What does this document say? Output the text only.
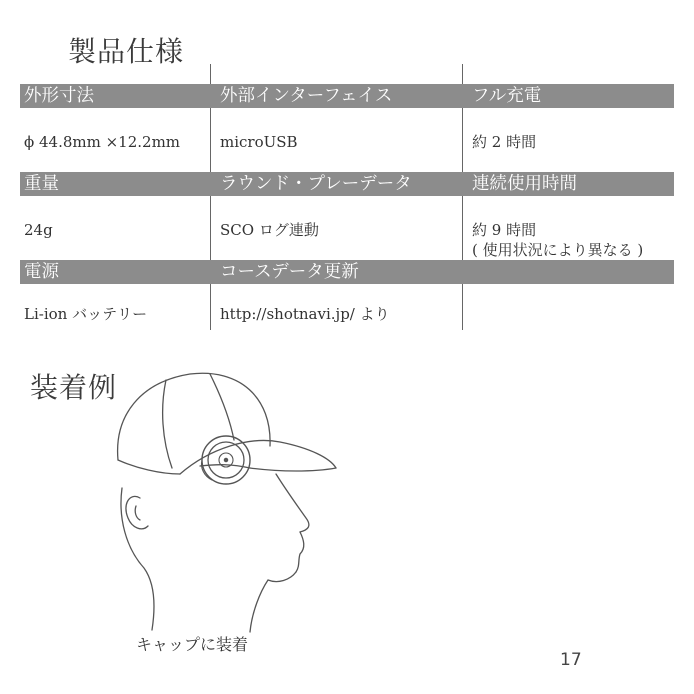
製品仕様
外形寸法	外部インターフェイス	フル充電
ϕ 44.8mm ×12.2mm	microUSB	約 2 時間
重量	ラウンド・プレーデータ	連続使用時間
24g	SCO ログ連動	約 9 時間
( 使用状況により異なる )
電源	コースデータ更新
Li-ion バッテリー	http://shotnavi.jp/ より
装着例
キャップに装着
17
